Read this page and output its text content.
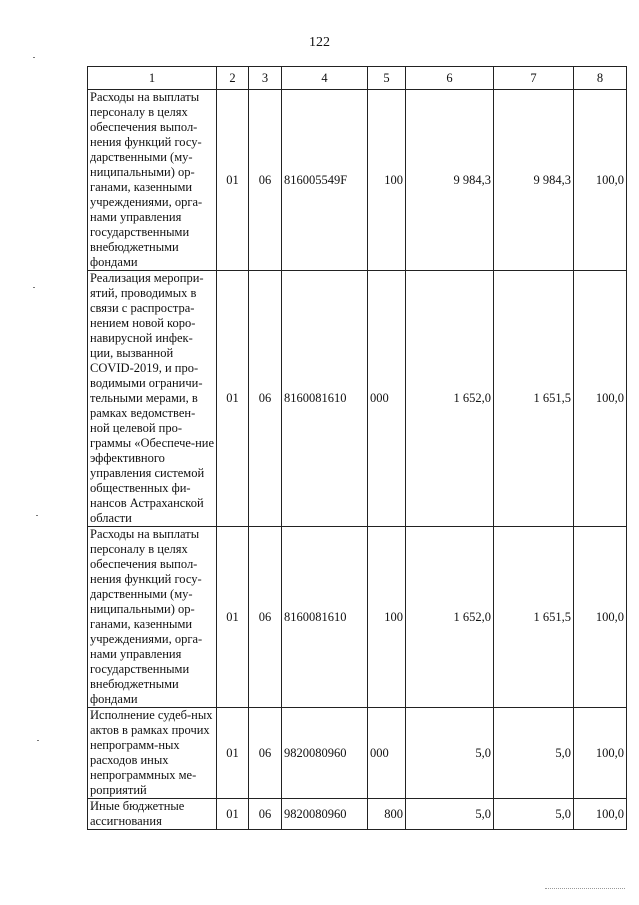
122
1	2	3	4	5	6	7	8
Расходы на выплаты персоналу в целях обеспечения выпол-нения функций госу-дарственными (му-ниципальными) ор-ганами, казенными учреждениями, орга-нами управления государственными внебюджетными фондами	01	06	816005549F	100	9 984,3	9 984,3	100,0
Реализация меропри-ятий, проводимых в связи с распростра-нением новой коро-навирусной инфек-ции, вызванной COVID-2019, и про-водимыми ограничи-тельными мерами, в рамках ведомствен-ной целевой про-граммы «Обеспече-ние эффективного управления системой общественных фи-нансов Астраханской области	01	06	8160081610	000	1 652,0	1 651,5	100,0
Расходы на выплаты персоналу в целях обеспечения выпол-нения функций госу-дарственными (му-ниципальными) ор-ганами, казенными учреждениями, орга-нами управления государственными внебюджетными фондами	01	06	8160081610	100	1 652,0	1 651,5	100,0
Исполнение судеб-ных актов в рамках прочих непрограмм-ных расходов иных непрограммных ме-роприятий	01	06	9820080960	000	5,0	5,0	100,0
Иные бюджетные ассигнования	01	06	9820080960	800	5,0	5,0	100,0
